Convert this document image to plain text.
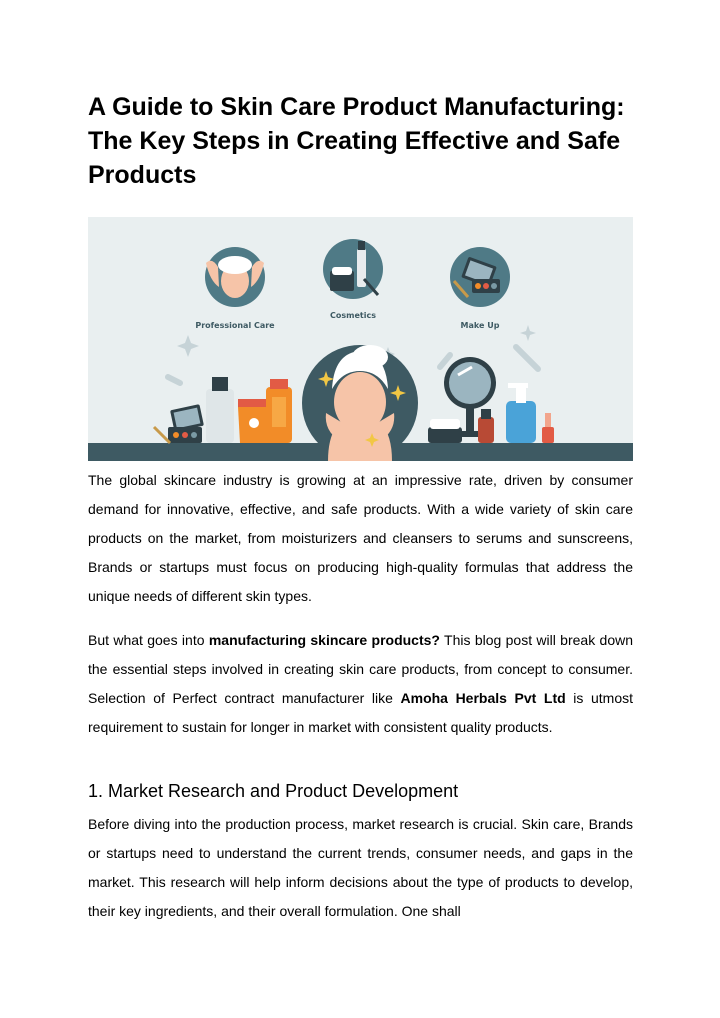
A Guide to Skin Care Product Manufacturing: The Key Steps in Creating Effective and Safe Products
Professional Care
Cosmetics
Make Up

The global skincare industry is growing at an impressive rate, driven by consumer demand for innovative, effective, and safe products. With a wide variety of skin care products on the market, from moisturizers and cleansers to serums and sunscreens, Brands or startups must focus on producing high-quality formulas that address the unique needs of different skin types.

But what goes into manufacturing skincare products? This blog post will break down the essential steps involved in creating skin care products, from concept to consumer. Selection of Perfect contract manufacturer like Amoha Herbals Pvt Ltd is utmost requirement to sustain for longer in market with consistent quality products.

1. Market Research and Product Development

Before diving into the production process, market research is crucial. Skin care, Brands or startups need to understand the current trends, consumer needs, and gaps in the market. This research will help inform decisions about the type of products to develop, their key ingredients, and their overall formulation. One shall
